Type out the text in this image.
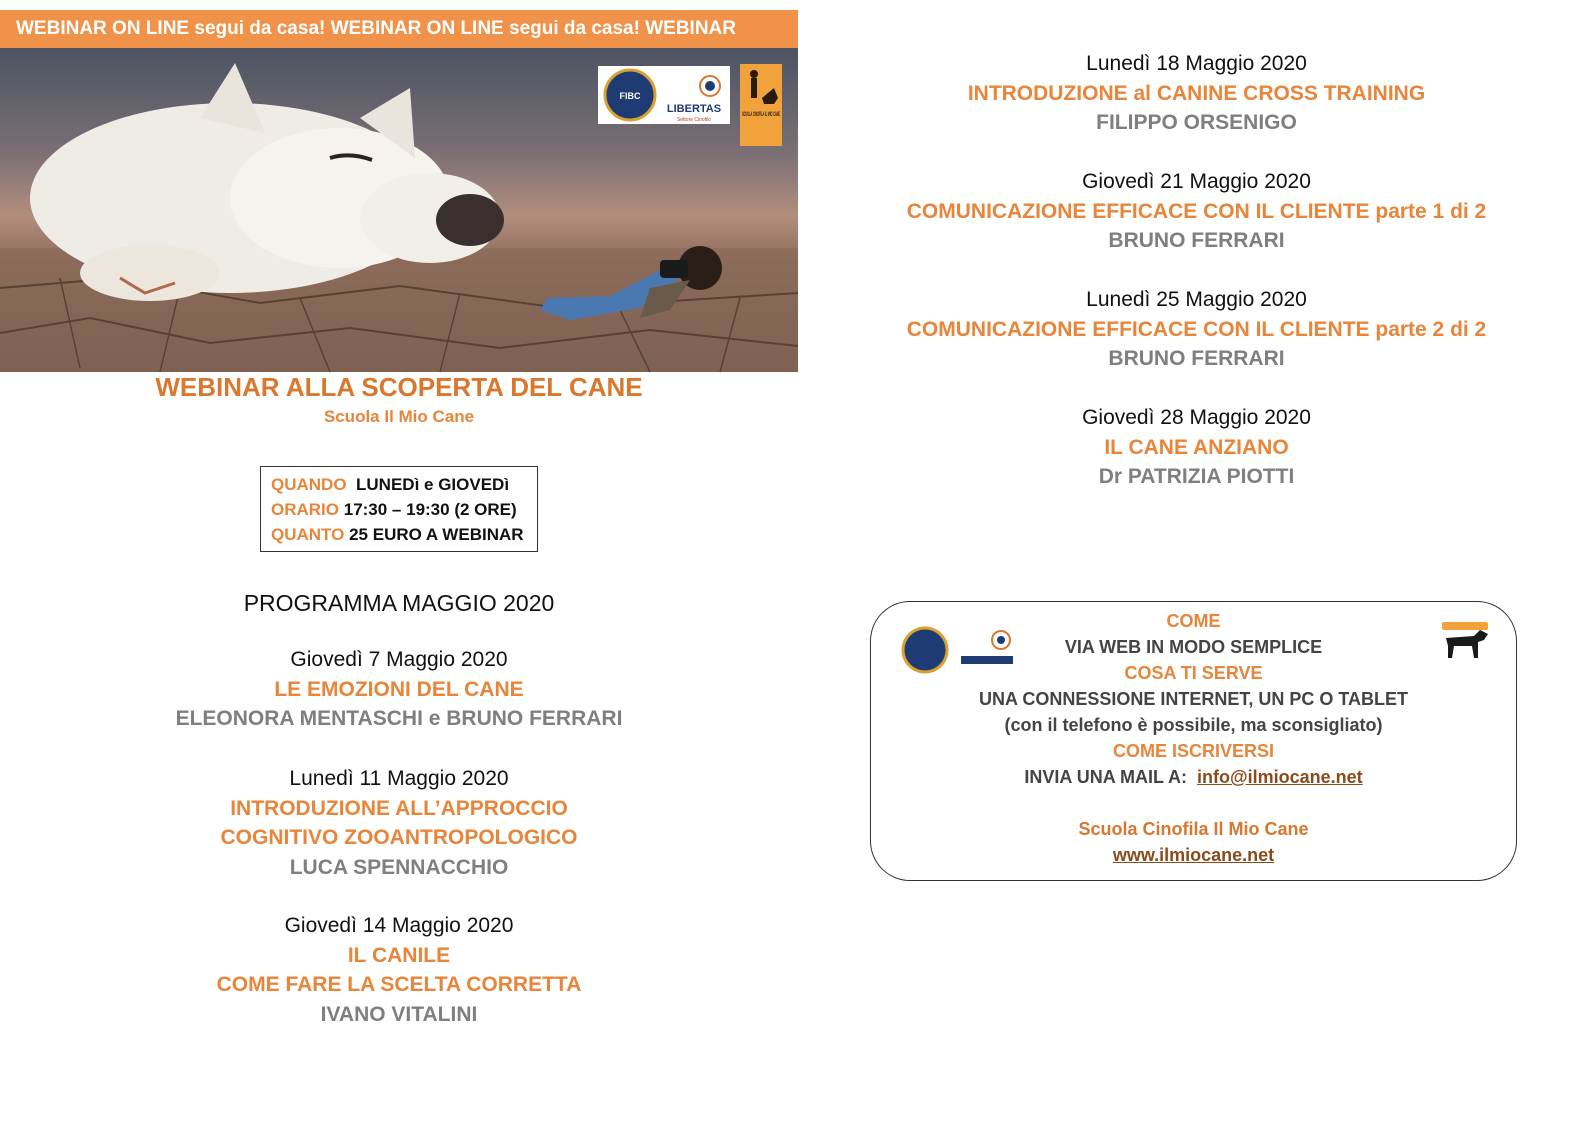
WEBINAR ON LINE segui da casa! WEBINAR ON LINE segui da casa! WEBINAR
FIBC
LIBERTAS
Settore Cinofilo
SCUOLA CINOFILA IL MIO CANE
WEBINAR ALLA SCOPERTA DEL CANE
Scuola Il Mio Cane
QUANDO LUNEDì e GIOVEDì
ORARIO 17:30 – 19:30 (2 ORE)
QUANTO 25 EURO A WEBINAR
PROGRAMMA MAGGIO 2020
Giovedì 7 Maggio 2020
LE EMOZIONI DEL CANE
ELEONORA MENTASCHI e BRUNO FERRARI
Lunedì 11 Maggio 2020
INTRODUZIONE ALL’APPROCCIO
COGNITIVO ZOOANTROPOLOGICO
LUCA SPENNACCHIO
Giovedì 14 Maggio 2020
IL CANILE
COME FARE LA SCELTA CORRETTA
IVANO VITALINI
Lunedì 18 Maggio 2020
INTRODUZIONE al CANINE CROSS TRAINING
FILIPPO ORSENIGO
Giovedì 21 Maggio 2020
COMUNICAZIONE EFFICACE CON IL CLIENTE parte 1 di 2
BRUNO FERRARI
Lunedì 25 Maggio 2020
COMUNICAZIONE EFFICACE CON IL CLIENTE parte 2 di 2
BRUNO FERRARI
Giovedì 28 Maggio 2020
IL CANE ANZIANO
Dr PATRIZIA PIOTTI
COME
VIA WEB IN MODO SEMPLICE
COSA TI SERVE
UNA CONNESSIONE INTERNET, UN PC O TABLET
(con il telefono è possibile, ma sconsigliato)
COME ISCRIVERSI
INVIA UNA MAIL A:  info@ilmiocane.net
Scuola Cinofila Il Mio Cane
www.ilmiocane.net
